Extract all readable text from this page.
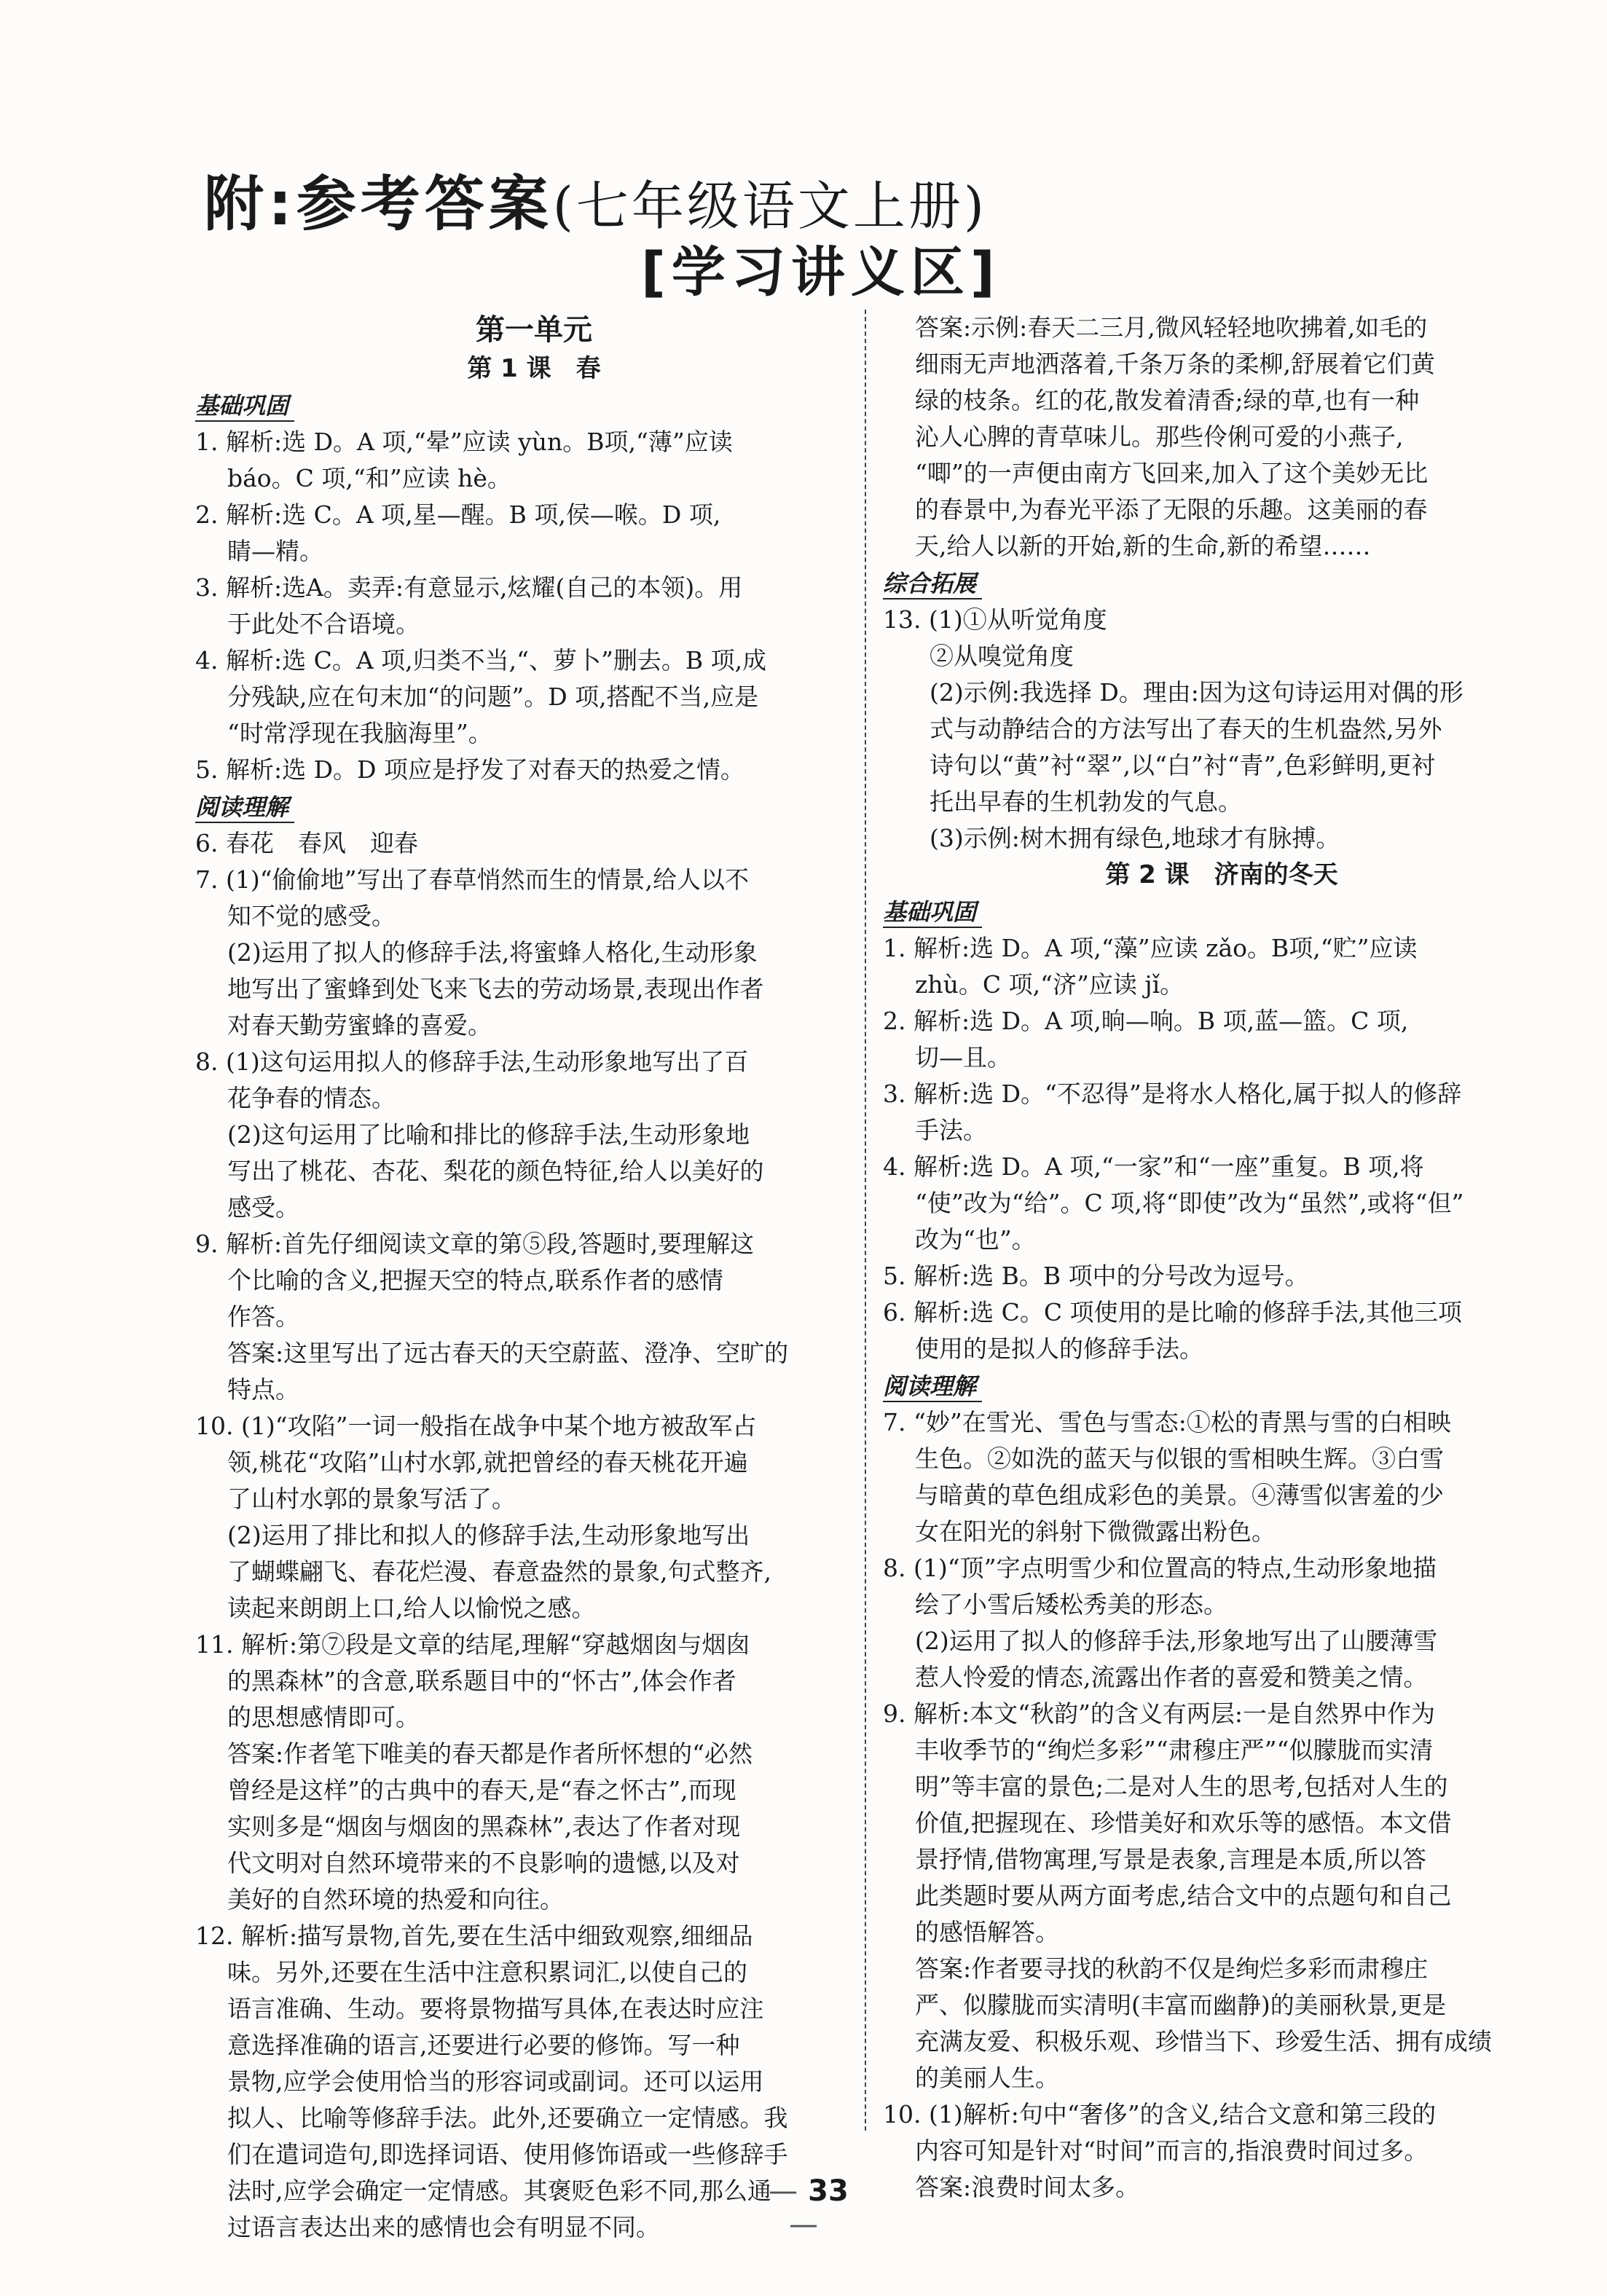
附:参考答案(七年级语文上册)
[学习讲义区]
第一单元
第 1 课　春
基础巩固
1. 解析:选 D。A 项,“晕”应读 yùn。B项,“薄”应读
báo。C 项,“和”应读 hè。
2. 解析:选 C。A 项,星—醒。B 项,侯—喉。D 项,
睛—精。
3. 解析:选A。卖弄:有意显示,炫耀(自己的本领)。用
于此处不合语境。
4. 解析:选 C。A 项,归类不当,“、萝卜”删去。B 项,成
分残缺,应在句末加“的问题”。D 项,搭配不当,应是
“时常浮现在我脑海里”。
5. 解析:选 D。D 项应是抒发了对春天的热爱之情。
阅读理解
6. 春花　春风　迎春
7. (1)“偷偷地”写出了春草悄然而生的情景,给人以不
知不觉的感受。
(2)运用了拟人的修辞手法,将蜜蜂人格化,生动形象
地写出了蜜蜂到处飞来飞去的劳动场景,表现出作者
对春天勤劳蜜蜂的喜爱。
8. (1)这句运用拟人的修辞手法,生动形象地写出了百
花争春的情态。
(2)这句运用了比喻和排比的修辞手法,生动形象地
写出了桃花、杏花、梨花的颜色特征,给人以美好的
感受。
9. 解析:首先仔细阅读文章的第⑤段,答题时,要理解这
个比喻的含义,把握天空的特点,联系作者的感情
作答。
答案:这里写出了远古春天的天空蔚蓝、澄净、空旷的
特点。
10. (1)“攻陷”一词一般指在战争中某个地方被敌军占
领,桃花“攻陷”山村水郭,就把曾经的春天桃花开遍
了山村水郭的景象写活了。
(2)运用了排比和拟人的修辞手法,生动形象地写出
了蝴蝶翩飞、春花烂漫、春意盎然的景象,句式整齐,
读起来朗朗上口,给人以愉悦之感。
11. 解析:第⑦段是文章的结尾,理解“穿越烟囱与烟囱
的黑森林”的含意,联系题目中的“怀古”,体会作者
的思想感情即可。
答案:作者笔下唯美的春天都是作者所怀想的“必然
曾经是这样”的古典中的春天,是“春之怀古”,而现
实则多是“烟囱与烟囱的黑森林”,表达了作者对现
代文明对自然环境带来的不良影响的遗憾,以及对
美好的自然环境的热爱和向往。
12. 解析:描写景物,首先,要在生活中细致观察,细细品
味。另外,还要在生活中注意积累词汇,以使自己的
语言准确、生动。要将景物描写具体,在表达时应注
意选择准确的语言,还要进行必要的修饰。写一种
景物,应学会使用恰当的形容词或副词。还可以运用
拟人、比喻等修辞手法。此外,还要确立一定情感。我
们在遣词造句,即选择词语、使用修饰语或一些修辞手
法时,应学会确定一定情感。其褒贬色彩不同,那么通
过语言表达出来的感情也会有明显不同。
答案:示例:春天二三月,微风轻轻地吹拂着,如毛的
细雨无声地洒落着,千条万条的柔柳,舒展着它们黄
绿的枝条。红的花,散发着清香;绿的草,也有一种
沁人心脾的青草味儿。那些伶俐可爱的小燕子,
“唧”的一声便由南方飞回来,加入了这个美妙无比
的春景中,为春光平添了无限的乐趣。这美丽的春
天,给人以新的开始,新的生命,新的希望……
综合拓展
13. (1)①从听觉角度
②从嗅觉角度
(2)示例:我选择 D。理由:因为这句诗运用对偶的形
式与动静结合的方法写出了春天的生机盎然,另外
诗句以“黄”衬“翠”,以“白”衬“青”,色彩鲜明,更衬
托出早春的生机勃发的气息。
(3)示例:树木拥有绿色,地球才有脉搏。
第 2 课　济南的冬天
基础巩固
1. 解析:选 D。A 项,“藻”应读 zǎo。B项,“贮”应读
zhù。C 项,“济”应读 jǐ。
2. 解析:选 D。A 项,晌—响。B 项,蓝—篮。C 项,
切—且。
3. 解析:选 D。“不忍得”是将水人格化,属于拟人的修辞
手法。
4. 解析:选 D。A 项,“一家”和“一座”重复。B 项,将
“使”改为“给”。C 项,将“即使”改为“虽然”,或将“但”
改为“也”。
5. 解析:选 B。B 项中的分号改为逗号。
6. 解析:选 C。C 项使用的是比喻的修辞手法,其他三项
使用的是拟人的修辞手法。
阅读理解
7. “妙”在雪光、雪色与雪态:①松的青黑与雪的白相映
生色。②如洗的蓝天与似银的雪相映生辉。③白雪
与暗黄的草色组成彩色的美景。④薄雪似害羞的少
女在阳光的斜射下微微露出粉色。
8. (1)“顶”字点明雪少和位置高的特点,生动形象地描
绘了小雪后矮松秀美的形态。
(2)运用了拟人的修辞手法,形象地写出了山腰薄雪
惹人怜爱的情态,流露出作者的喜爱和赞美之情。
9. 解析:本文“秋韵”的含义有两层:一是自然界中作为
丰收季节的“绚烂多彩”“肃穆庄严”“似朦胧而实清
明”等丰富的景色;二是对人生的思考,包括对人生的
价值,把握现在、珍惜美好和欢乐等的感悟。本文借
景抒情,借物寓理,写景是表象,言理是本质,所以答
此类题时要从两方面考虑,结合文中的点题句和自己
的感悟解答。
答案:作者要寻找的秋韵不仅是绚烂多彩而肃穆庄
严、似朦胧而实清明(丰富而幽静)的美丽秋景,更是
充满友爱、积极乐观、珍惜当下、珍爱生活、拥有成绩
的美丽人生。
10. (1)解析:句中“奢侈”的含义,结合文意和第三段的
内容可知是针对“时间”而言的,指浪费时间过多。
答案:浪费时间太多。
— 33—
